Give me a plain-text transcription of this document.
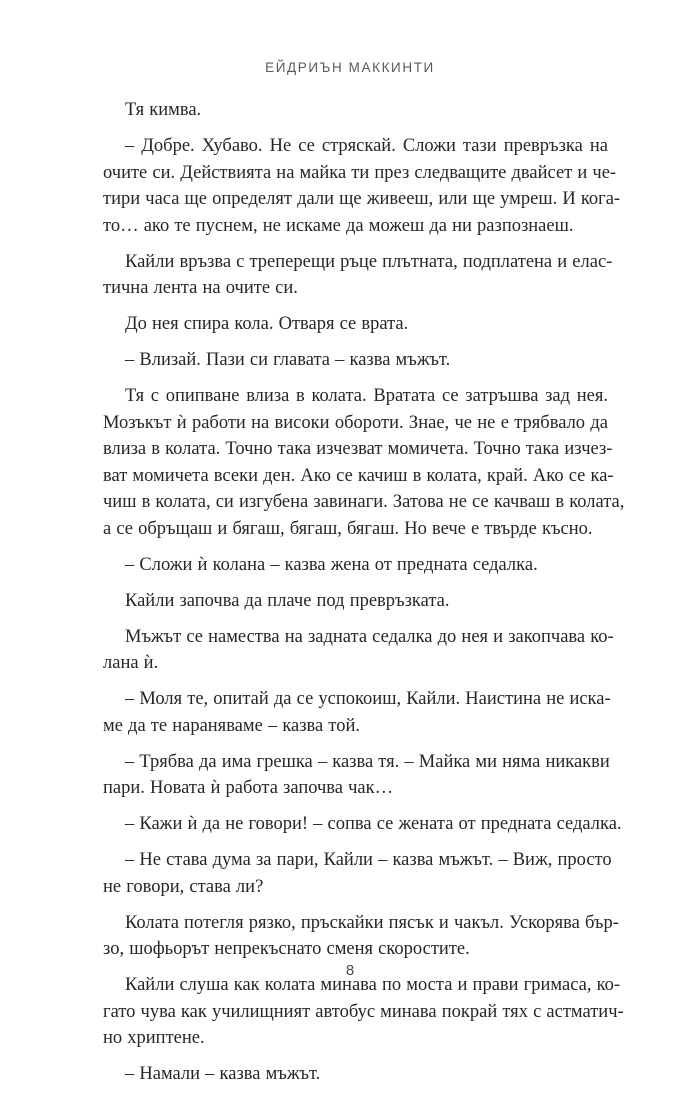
ЕЙДРИЪН МАККИНТИ

Тя кимва.

– Добре. Хубаво. Не се стряскай. Сложи тази превръзка на
очите си. Действията на майка ти през следващите двайсет и че-
тири часа ще определят дали ще живееш, или ще умреш. И кога-
то… ако те пуснем, не искаме да можеш да ни разпознаеш.

Кайли връзва с треперещи ръце плътната, подплатена и елас-
тична лента на очите си.

До нея спира кола. Отваря се врата.

– Влизай. Пази си главата – казва мъжът.

Тя с опипване влиза в колата. Вратата се затръшва зад нея.
Мозъкът ѝ работи на високи обороти. Знае, че не е трябвало да
влиза в колата. Точно така изчезват момичета. Точно така изчез-
ват момичета всеки ден. Ако се качиш в колата, край. Ако се ка-
чиш в колата, си изгубена завинаги. Затова не се качваш в колата,
а се обръщаш и бягаш, бягаш, бягаш. Но вече е твърде късно.

– Сложи ѝ колана – казва жена от предната седалка.

Кайли започва да плаче под превръзката.

Мъжът се намества на задната седалка до нея и закопчава ко-
лана ѝ.

– Моля те, опитай да се успокоиш, Кайли. Наистина не иска-
ме да те нараняваме – казва той.

– Трябва да има грешка – казва тя. – Майка ми няма никакви
пари. Новата ѝ работа започва чак…

– Кажи ѝ да не говори! – сопва се жената от предната седалка.

– Не става дума за пари, Кайли – казва мъжът. – Виж, просто
не говори, става ли?

Колата потегля рязко, пръскайки пясък и чакъл. Ускорява бър-
зо, шофьорът непрекъснато сменя скоростите.

Кайли слуша как колата минава по моста и прави гримаса, ко-
гато чува как училищният автобус минава покрай тях с астматич-
но хриптене.

– Намали – казва мъжът.

8
